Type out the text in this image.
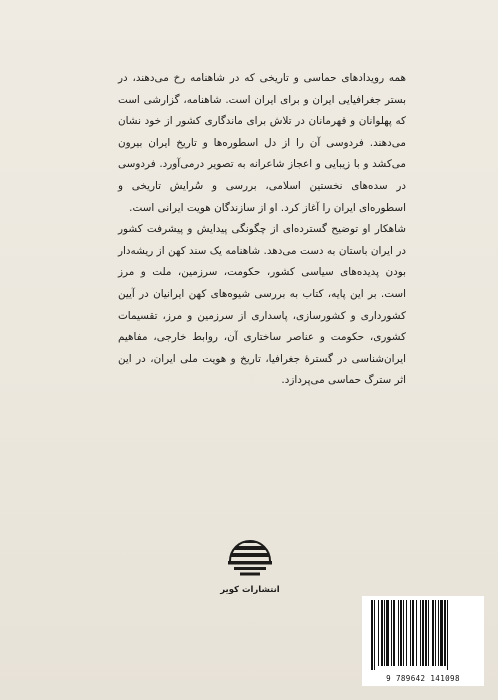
همه رویدادهای حماسی و تاریخی که در شاهنامه رخ می‌دهند، در بستر جغرافیایی ایران و برای ایران است. شاهنامه، گزارشی است که پهلوانان و قهرمانان در تلاش برای ماندگاری کشور از خود نشان می‌دهند. فردوسی آن را از دل اسطوره‌ها و تاریخ ایران بیرون می‌کشد و با زیبایی و اعجاز شاعرانه به تصویر درمی‌آورد. فردوسی در سده‌های نخستین اسلامی، بررسی و سُرایش تاریخی و اسطوره‌ای ایران را آغاز کرد. او از سازندگان هویت ایرانی است.

شاهکار او توضیح گسترده‌ای از چگونگی پیدایش و پیشرفت کشور در ایران باستان به دست می‌دهد. شاهنامه یک سند کهن از ریشه‌دار بودن پدیده‌های سیاسی کشور، حکومت، سرزمین، ملت و مرز است. بر این پایه، کتاب به بررسی شیوه‌های کهن ایرانیان در آیین کشورداری و کشورسازی، پاسداری از سرزمین و مرز، تقسیمات کشوری، حکومت و عناصر ساختاری آن، روابط خارجی، مفاهیم ایران‌شناسی در گسترهٔ جغرافیا، تاریخ و هویت ملی ایران، در این اثر سترگ حماسی می‌پردازد.

انتشارات کویر
9 789642 141098
